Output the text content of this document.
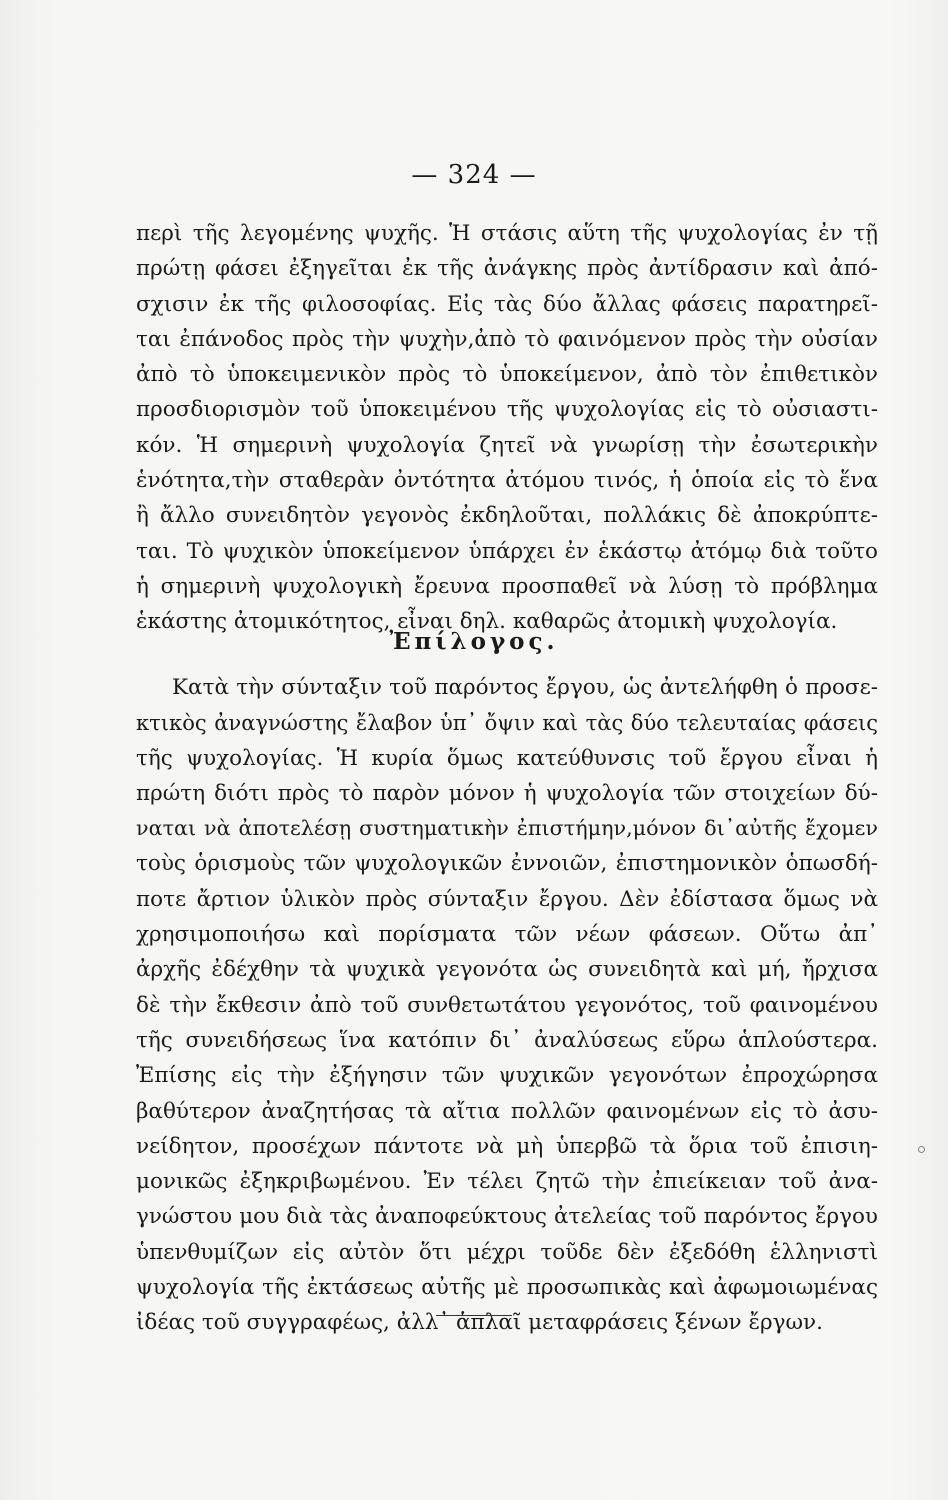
— 324 —
περὶ τῆς λεγομένης ψυχῆς. Ἡ στάσις αὕτη τῆς ψυχολογίας ἐν τῇ
πρώτῃ φάσει ἐξηγεῖται ἐκ τῆς ἀνάγκης πρὸς ἀντίδρασιν καὶ ἀπό-
σχισιν ἐκ τῆς φιλοσοφίας. Εἰς τὰς δύο ἄλλας φάσεις παρατηρεῖ-
ται ἐπάνοδος πρὸς τὴν ψυχὴν,ἀπὸ τὸ φαινόμενον πρὸς τὴν οὐσίαν
ἀπὸ τὸ ὑποκειμενικὸν πρὸς τὸ ὑποκείμενον, ἀπὸ τὸν ἐπιθετικὸν
προσδιορισμὸν τοῦ ὑποκειμένου τῆς ψυχολογίας εἰς τὸ οὐσιαστι-
κόν. Ἡ σημερινὴ ψυχολογία ζητεῖ νὰ γνωρίσῃ τὴν ἐσωτερικὴν
ἑνότητα,τὴν σταθερὰν ὀντότητα ἀτόμου τινός, ἡ ὁποία εἰς τὸ ἕνα
ἢ ἄλλο συνειδητὸν γεγονὸς ἐκδηλοῦται, πολλάκις δὲ ἀποκρύπτε-
ται. Τὸ ψυχικὸν ὑποκείμενον ὑπάρχει ἐν ἑκάστῳ ἀτόμῳ διὰ τοῦτο
ἡ σημερινὴ ψυχολογικὴ ἔρευνα προσπαθεῖ νὰ λύσῃ τὸ πρόβλημα
ἑκάστης ἀτομικότητος, εἶναι δηλ. καθαρῶς ἀτομικὴ ψυχολογία.
Ἐπίλογος.
Κατὰ τὴν σύνταξιν τοῦ παρόντος ἔργου, ὡς ἀντελήφθη ὁ προσε-
κτικὸς ἀναγνώστης ἔλαβον ὑπ᾽ ὄψιν καὶ τὰς δύο τελευταίας φάσεις
τῆς ψυχολογίας. Ἡ κυρία ὅμως κατεύθυνσις τοῦ ἔργου εἶναι ἡ
πρώτη διότι πρὸς τὸ παρὸν μόνον ἡ ψυχολογία τῶν στοιχείων δύ-
ναται νὰ ἀποτελέσῃ συστηματικὴν ἐπιστήμην,μόνον δι᾽αὐτῆς ἔχομεν
τοὺς ὁρισμοὺς τῶν ψυχολογικῶν ἐννοιῶν, ἐπιστημονικὸν ὁπωσδή-
ποτε ἄρτιον ὑλικὸν πρὸς σύνταξιν ἔργου. Δὲν ἐδίστασα ὅμως νὰ
χρησιμοποιήσω καὶ πορίσματα τῶν νέων φάσεων. Οὕτω ἀπ᾽
ἀρχῆς ἐδέχθην τὰ ψυχικὰ γεγονότα ὡς συνειδητὰ καὶ μή, ἤρχισα
δὲ τὴν ἔκθεσιν ἀπὸ τοῦ συνθετωτάτου γεγονότος, τοῦ φαινομένου
τῆς συνειδήσεως ἵνα κατόπιν δι᾽ ἀναλύσεως εὕρω ἁπλούστερα.
Ἐπίσης εἰς τὴν ἐξήγησιν τῶν ψυχικῶν γεγονότων ἐπροχώρησα
βαθύτερον ἀναζητήσας τὰ αἴτια πολλῶν φαινομένων εἰς τὸ ἀσυ-
νείδητον, προσέχων πάντοτε νὰ μὴ ὑπερβῶ τὰ ὅρια τοῦ ἐπισιη-
μονικῶς ἐξηκριβωμένου. Ἐν τέλει ζητῶ τὴν ἐπιείκειαν τοῦ ἀνα-
γνώστου μου διὰ τὰς ἀναποφεύκτους ἀτελείας τοῦ παρόντος ἔργου
ὑπενθυμίζων εἰς αὐτὸν ὅτι μέχρι τοῦδε δὲν ἐξεδόθη ἑλληνιστὶ
ψυχολογία τῆς ἐκτάσεως αὐτῆς μὲ προσωπικὰς καὶ ἀφωμοιωμένας
ἰδέας τοῦ συγγραφέως, ἀλλ᾽ ἁπλαῖ μεταφράσεις ξένων ἔργων.
